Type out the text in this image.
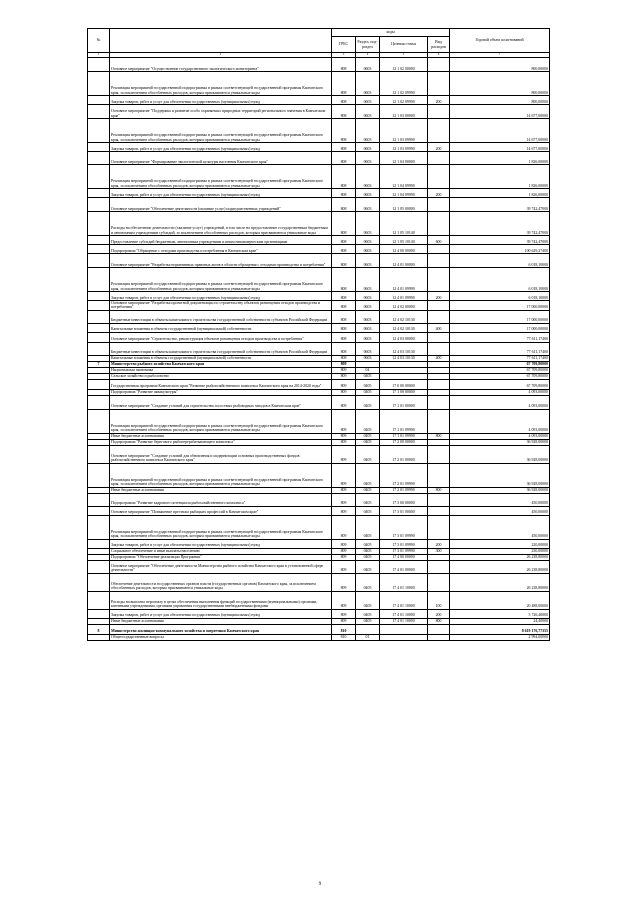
№		коды				Годовой объем ассигнований
		ГРБС	Раздел, под-раздел	Целевая статья	Вид расходов	
1	2	3	4	5	6	7
	Основное мероприятие "Осуществление государственного экологического мониторинга"	808	0603	12 1 02 00000		800,00000
	Реализация мероприятий государственной подпрограммы в рамках соответствующей государственной программы Камчатского края, за исключением обособленных расходов, которым присваиваются уникальные коды	808	0603	12 1 02 09990		800,00000
	Закупка товаров, работ и услуг для обеспечения государственных (муниципальных) нужд	808	0603	12 1 02 09990	200	800,00000
	Основное мероприятие "Поддержка и развитие особо охраняемых природных территорий регионального значения в Камчатском крае"	808	0603	12 1 03 00000		14 677,00000
	Реализация мероприятий государственной подпрограммы в рамках соответствующей государственной программы Камчатского края, за исключением обособленных расходов, которым присваиваются уникальные коды	808	0603	12 1 03 09990		14 677,00000
	Закупка товаров, работ и услуг для обеспечения государственных (муниципальных) нужд	808	0603	12 1 03 09990	200	14 677,00000
	Основное мероприятие "Формирование экологической культуры населения Камчатского края"	808	0603	12 1 04 00000		1 826,00000
	Реализация мероприятий государственной подпрограммы в рамках соответствующей государственной программы Камчатского края, за исключением обособленных расходов, которым присваиваются уникальные коды	808	0603	12 1 04 09990		1 826,00000
	Закупка товаров, работ и услуг для обеспечения государственных (муниципальных) нужд	808	0603	12 1 04 09990	200	1 826,00000
	Основное мероприятие "Обеспечение деятельности (оказание услуг) подведомственных учреждений"	808	0603	12 1 05 00000		39 742,47000
	Расходы на обеспечение деятельности (оказание услуг) учреждений, в том числе на предоставление государственным бюджетным и автономным учреждениям субсидий, за исключением обособленных расходов, которым присваиваются уникальные коды	808	0603	12 1 05 10140		39 742,47000
	Предоставление субсидий бюджетным, автономным учреждениям и иным некоммерческим организациям	808	0603	12 1 05 10140	600	39 742,47000
	Подпрограмма "Обращение с отходами производства и потребления в Камчатском крае"	808	0603	12 4 00 00000		100 629,27400
	Основное мероприятие "Разработка нормативных правовых актов в области обращения с отходами производства и потребления"	808	0603	12 4 01 00000		6 018,10000
	Реализация мероприятий государственной подпрограммы в рамках соответствующей государственной программы Камчатского края, за исключением обособленных расходов, которым присваиваются уникальные коды	808	0603	12 4 01 09990		6 018,10000
	Закупка товаров, работ и услуг для обеспечения государственных (муниципальных) нужд	808	0603	12 4 01 09990	200	6 018,10000
	Основное мероприятие "Разработка проектной документации по строительству объектов размещения отходов производства и потребления"	808	0603	12 4 02 00000		17 000,00000
	Бюджетные инвестиции в объекты капитального строительства государственной собственности субъектов Российской Федерации	808	0603	12 4 02 10130		17 000,00000
	Капитальные вложения в объекты государственной (муниципальной) собственности	808	0603	12 4 02 10130	400	17 000,00000
	Основное мероприятие "Строительство, реконструкция объектов размещения отходов производства и потребления"	808	0603	12 4 03 00000		77 611,17400
	Бюджетные инвестиции в объекты капитального строительства государственной собственности субъектов Российской Федерации	808	0603	12 4 03 10130		77 611,17400
	Капитальные вложения в объекты государственной (муниципальной) собственности	808	0603	12 4 03 10130	400	77 611,17400
7	Министерство рыбного хозяйства Камчатского края	809				67 709,80000
	Национальная экономика	809	04			67 709,80000
	Сельское хозяйство и рыболовство	809	0405			67 709,80000
	Государственная программа Камчатского края "Развитие рыбохозяйственного комплекса Камчатского края на 2014-2020 годы"	809	0405	17 0 00 00000		67 709,80000
	Подпрограмма "Развитие аквакультуры"	809	0405	17 1 00 00000		4 093,00000
	Основное мероприятие "Создание условий для строительства лососевых рыбоводных заводов в Камчатском крае"	809	0405	17 1 01 00000		4 093,00000
	Реализация мероприятий государственной подпрограммы в рамках соответствующей государственной программы Камчатского края, за исключением обособленных расходов, которым присваиваются уникальные коды	809	0405	17 1 01 09990		4 093,00000
	Иные бюджетные ассигнования	809	0405	17 1 01 09990	800	4 093,00000
	Подпрограмма "Развитие берегового рыбоперерабатывающего комплекса"	809	0405	17 2 00 00000		36 928,00000
	Основное мероприятие "Создание условий для обновления и модернизации основных производственных фондов рыбохозяйственного комплекса Камчатского края"	809	0405	17 2 01 00000		36 928,00000
	Реализация мероприятий государственной подпрограммы в рамках соответствующей государственной программы Камчатского края, за исключением обособленных расходов, которым присваиваются уникальные коды	809	0405	17 2 01 09990		36 928,00000
	Иные бюджетные ассигнования	809	0405	17 2 01 09990	800	36 928,00000
	Подпрограмма "Развитие кадрового потенциала рыбохозяйственного комплекса"	809	0405	17 3 00 00000		450,00000
	Основное мероприятие "Повышение престижа рыбацких профессий в Камчатском крае"	809	0405	17 3 01 00000		450,00000
	Реализация мероприятий государственной подпрограммы в рамках соответствующей государственной программы Камчатского края, за исключением обособленных расходов, которым присваиваются уникальные коды	809	0405	17 3 01 09990		450,00000
	Закупка товаров, работ и услуг для обеспечения государственных (муниципальных) нужд	809	0405	17 3 01 09990	200	220,00000
	Социальное обеспечение и иные выплаты населению	809	0405	17 3 01 09990	300	230,00000
	Подпрограмма "Обеспечение реализации Программы"	809	0405	17 4 00 00000		26 238,80000
	Основное мероприятие "Обеспечение деятельности Министерства рыбного хозяйства Камчатского края в установленной сфере деятельности"	809	0405	17 4 01 00000		26 238,80000
	Обеспечение деятельности государственных органов власти (государственных органов) Камчатского края, за исключением обособленных расходов, которым присваиваются уникальные коды	809	0405	17 4 01 10000		26 238,80000
	Расходы на выплаты персоналу в целях обеспечения выполнения функций государственными (муниципальными) органами, казенными учреждениями, органами управления государственными внебюджетными фондами	809	0405	17 4 01 10000	100	20 488,00000
	Закупка товаров, работ и услуг для обеспечения государственных (муниципальных) нужд	809	0405	17 4 01 10000	200	5 726,40000
	Иные бюджетные ассигнования	809	0405	17 4 01 10000	800	24,40000
8	Министерство жилищно-коммунального хозяйства и энергетики Камчатского края	810				8 619 176,77355
	Общегосударственные вопросы	810	01			2 994,00000
9
